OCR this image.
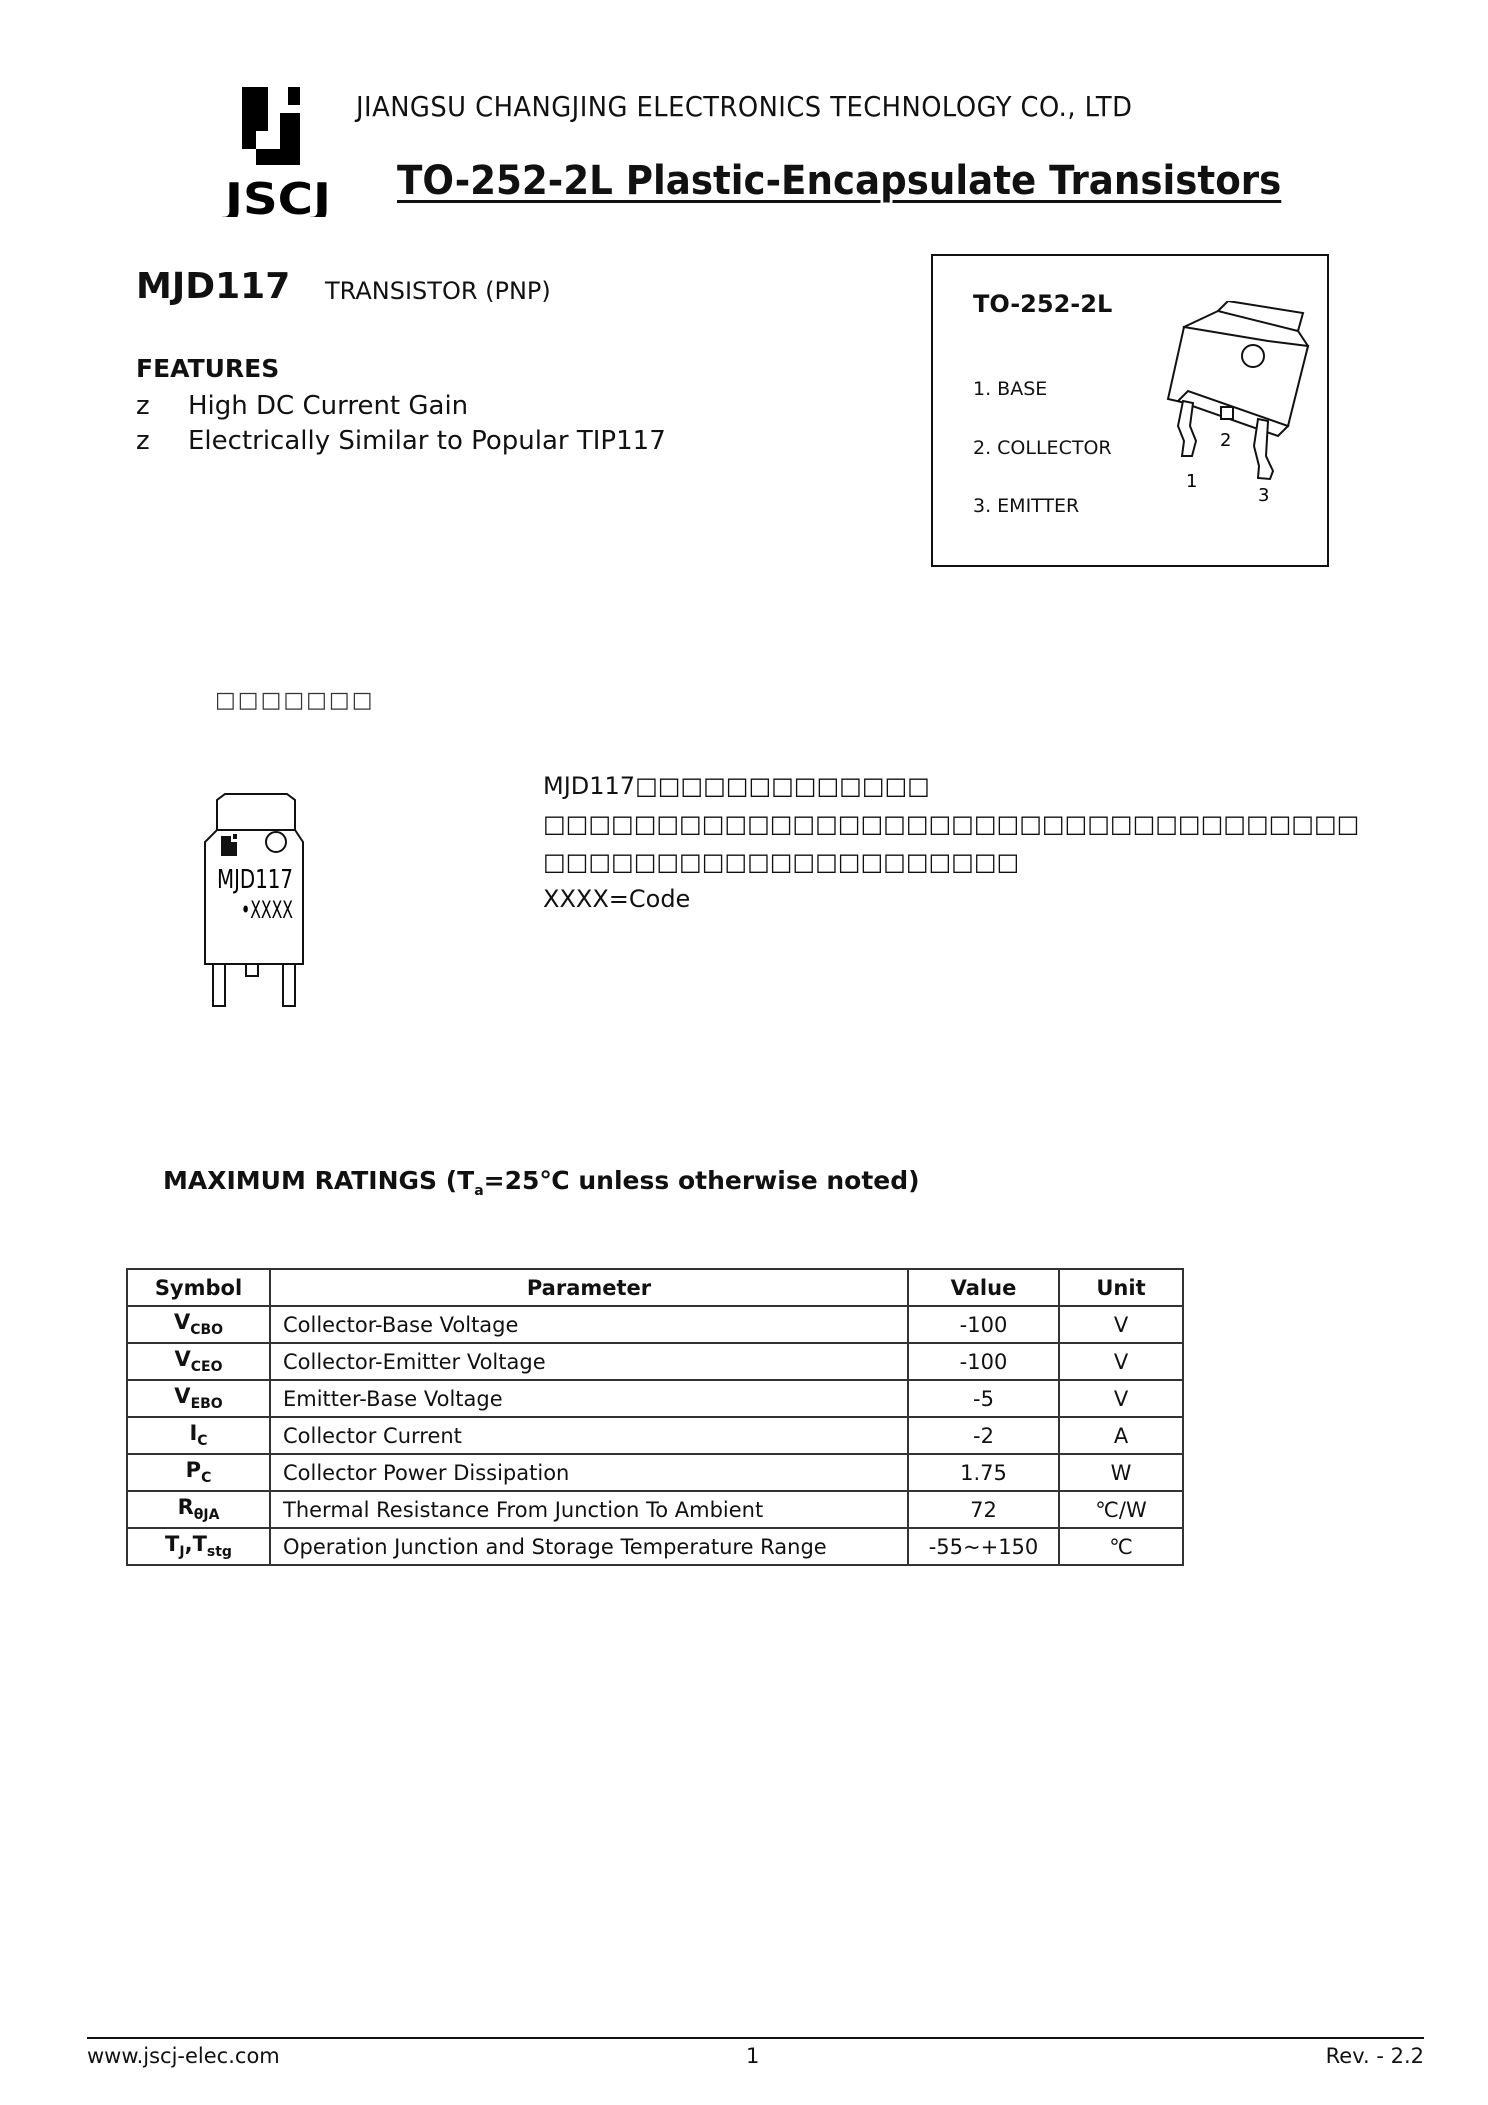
JSCJ
JIANGSU CHANGJING ELECTRONICS TECHNOLOGY CO., LTD
TO-252-2L Plastic-Encapsulate Transistors
MJD117 TRANSISTOR (PNP)
FEATURES
z High DC Current Gain
z Electrically Similar to Popular TIP117
TO-252-2L
1. BASE
2. COLLECTOR
3. EMITTER
1
2
3
□□□□□□□
MJD117
•XXXX
MJD117□□□□□□□□□□□□□
□□□□□□□□□□□□□□□□□□□□□□□□□□□□□□□□□□□□
□□□□□□□□□□□□□□□□□□□□□
XXXX=Code
MAXIMUM RATINGS ($T_a=25℃$ unless otherwise noted)
Symbol	Parameter	Value	Unit
$V_{CBO}$	Collector-Base Voltage	-100	V
$V_{CEO}$	Collector-Emitter Voltage	-100	V
$V_{EBO}$	Emitter-Base Voltage	-5	V
$I_C$	Collector Current	-2	A
$P_C$	Collector Power Dissipation	1.75	W
$R_{\theta JA}$	Thermal Resistance From Junction To Ambient	72	℃/W
$T_J,T_{stg}$	Operation Junction and Storage Temperature Range	-55~+150	℃
www.jscj-elec.com	1	Rev. - 2.2
